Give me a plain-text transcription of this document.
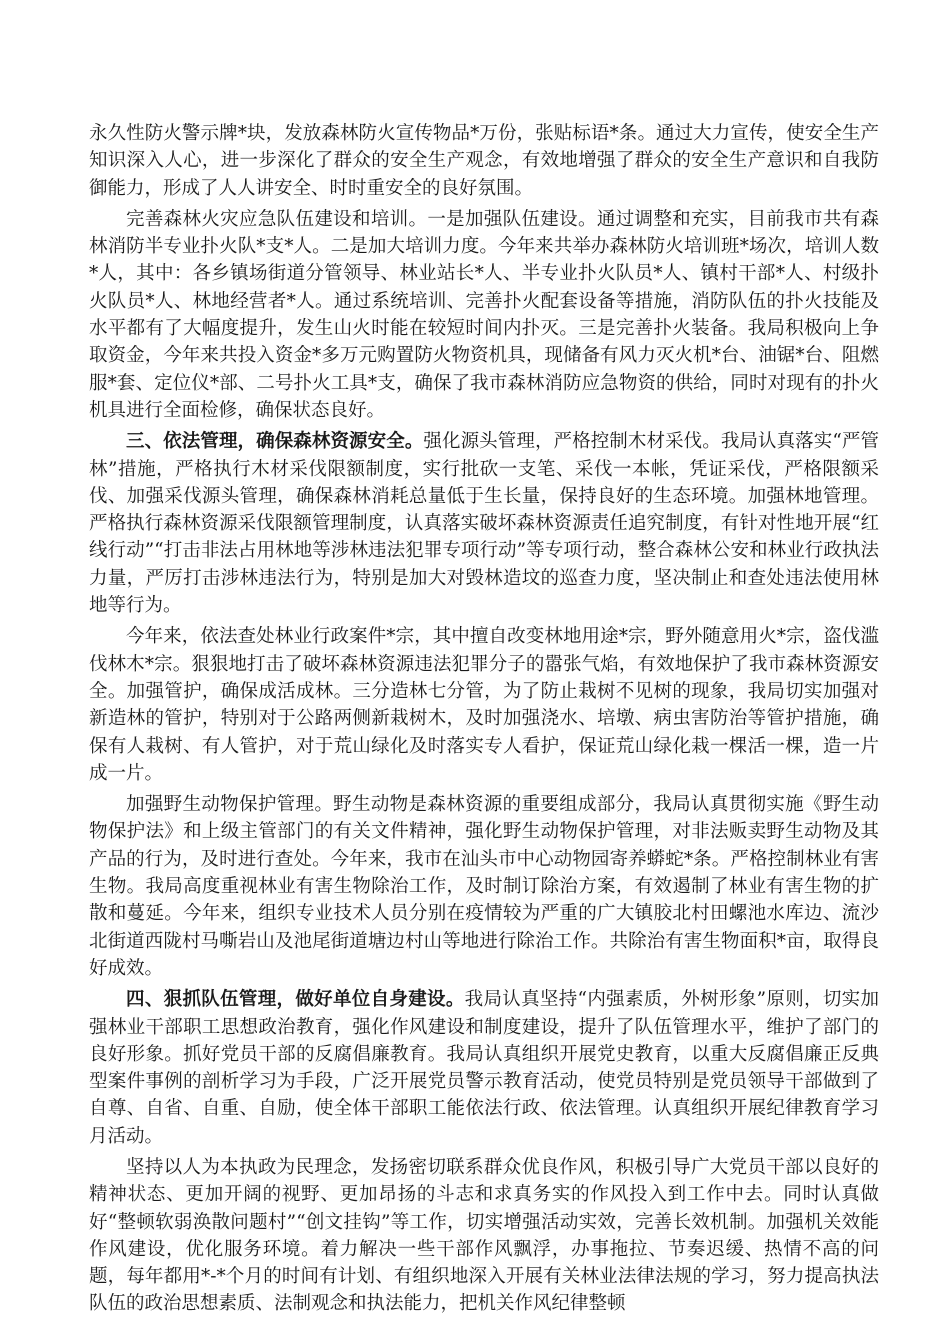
永久性防火警示牌*块，发放森林防火宣传物品*万份，张贴标语*条。通过大力宣传，使安全生产知识深入人心，进一步深化了群众的安全生产观念，有效地增强了群众的安全生产意识和自我防御能力，形成了人人讲安全、时时重安全的良好氛围。

完善森林火灾应急队伍建设和培训。一是加强队伍建设。通过调整和充实，目前我市共有森林消防半专业扑火队*支*人。二是加大培训力度。今年来共举办森林防火培训班*场次，培训人数*人，其中：各乡镇场街道分管领导、林业站长*人、半专业扑火队员*人、镇村干部*人、村级扑火队员*人、林地经营者*人。通过系统培训、完善扑火配套设备等措施，消防队伍的扑火技能及水平都有了大幅度提升，发生山火时能在较短时间内扑灭。三是完善扑火装备。我局积极向上争取资金，今年来共投入资金*多万元购置防火物资机具，现储备有风力灭火机*台、油锯*台、阻燃服*套、定位仪*部、二号扑火工具*支，确保了我市森林消防应急物资的供给，同时对现有的扑火机具进行全面检修，确保状态良好。

三、依法管理，确保森林资源安全。强化源头管理，严格控制木材采伐。我局认真落实“严管林”措施，严格执行木材采伐限额制度，实行批砍一支笔、采伐一本帐，凭证采伐，严格限额采伐、加强采伐源头管理，确保森林消耗总量低于生长量，保持良好的生态环境。加强林地管理。严格执行森林资源采伐限额管理制度，认真落实破坏森林资源责任追究制度，有针对性地开展“红线行动”“打击非法占用林地等涉林违法犯罪专项行动”等专项行动，整合森林公安和林业行政执法力量，严厉打击涉林违法行为，特别是加大对毁林造坟的巡查力度，坚决制止和查处违法使用林地等行为。

今年来，依法查处林业行政案件*宗，其中擅自改变林地用途*宗，野外随意用火*宗，盗伐滥伐林木*宗。狠狠地打击了破坏森林资源违法犯罪分子的嚣张气焰，有效地保护了我市森林资源安全。加强管护，确保成活成林。三分造林七分管，为了防止栽树不见树的现象，我局切实加强对新造林的管护，特别对于公路两侧新栽树木，及时加强浇水、培墩、病虫害防治等管护措施，确保有人栽树、有人管护，对于荒山绿化及时落实专人看护，保证荒山绿化栽一棵活一棵，造一片成一片。

加强野生动物保护管理。野生动物是森林资源的重要组成部分，我局认真贯彻实施《野生动物保护法》和上级主管部门的有关文件精神，强化野生动物保护管理，对非法贩卖野生动物及其产品的行为，及时进行查处。今年来，我市在汕头市中心动物园寄养蟒蛇*条。严格控制林业有害生物。我局高度重视林业有害生物除治工作，及时制订除治方案，有效遏制了林业有害生物的扩散和蔓延。今年来，组织专业技术人员分别在疫情较为严重的广大镇胶北村田螺池水库边、流沙北街道西陇村马嘶岩山及池尾街道塘边村山等地进行除治工作。共除治有害生物面积*亩，取得良好成效。

四、狠抓队伍管理，做好单位自身建设。我局认真坚持“内强素质，外树形象”原则，切实加强林业干部职工思想政治教育，强化作风建设和制度建设，提升了队伍管理水平，维护了部门的良好形象。抓好党员干部的反腐倡廉教育。我局认真组织开展党史教育，以重大反腐倡廉正反典型案件事例的剖析学习为手段，广泛开展党员警示教育活动，使党员特别是党员领导干部做到了自尊、自省、自重、自励，使全体干部职工能依法行政、依法管理。认真组织开展纪律教育学习月活动。

坚持以人为本执政为民理念，发扬密切联系群众优良作风，积极引导广大党员干部以良好的精神状态、更加开阔的视野、更加昂扬的斗志和求真务实的作风投入到工作中去。同时认真做好“整顿软弱涣散问题村”“创文挂钩”等工作，切实增强活动实效，完善长效机制。加强机关效能作风建设，优化服务环境。着力解决一些干部作风飘浮，办事拖拉、节奏迟缓、热情不高的问题，每年都用*-*个月的时间有计划、有组织地深入开展有关林业法律法规的学习，努力提高执法队伍的政治思想素质、法制观念和执法能力，把机关作风纪律整顿
